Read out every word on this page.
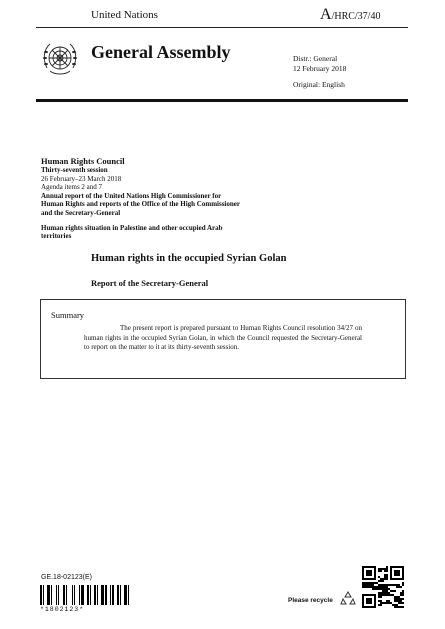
United Nations	A/HRC/37/40
General Assembly	Distr.: General
12 February 2018
Original: English
Human Rights Council
Thirty-seventh session
26 February–23 March 2018
Agenda items 2 and 7
Annual report of the United Nations High Commissioner for Human Rights and reports of the Office of the High Commissioner and the Secretary-General
Human rights situation in Palestine and other occupied Arab territories
Human rights in the occupied Syrian Golan
Report of the Secretary-General
Summary
The present report is prepared pursuant to Human Rights Council resolution 34/27 on human rights in the occupied Syrian Golan, in which the Council requested the Secretary-General to report on the matter to it at its thirty-seventh session.
GE.18-02123(E)
*1802123*
Please recycle
